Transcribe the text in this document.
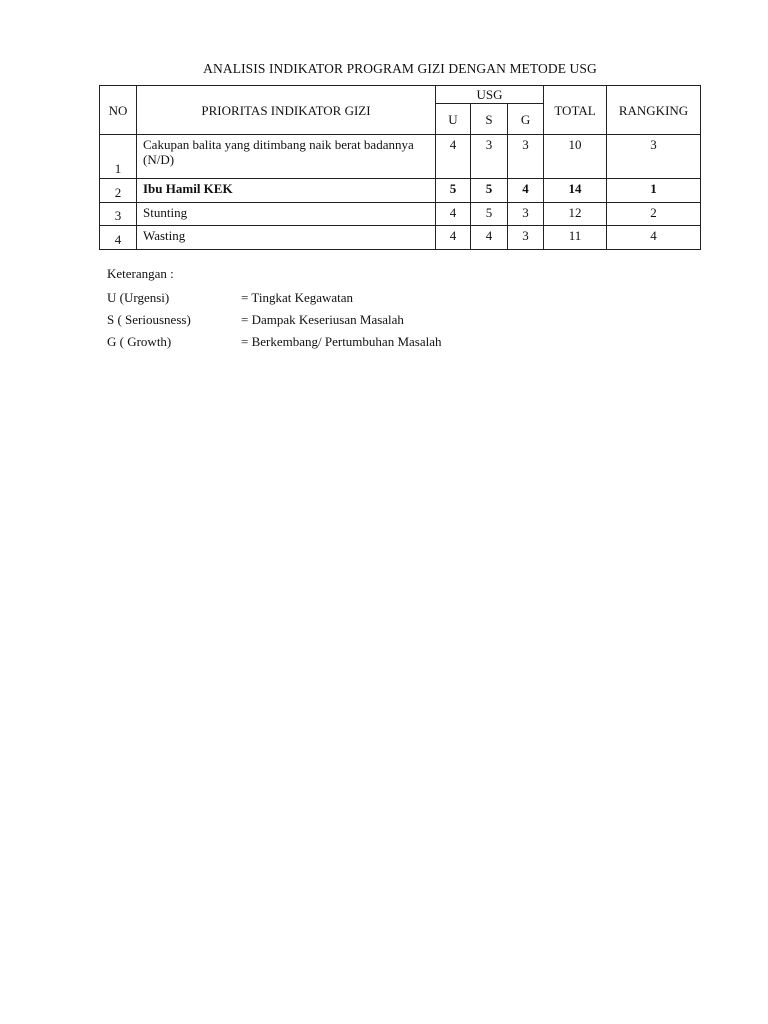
ANALISIS INDIKATOR PROGRAM GIZI DENGAN METODE USG
NO	PRIORITAS INDIKATOR GIZI	USG			TOTAL	RANGKING
		U	S	G		
1	Cakupan balita yang ditimbang naik berat badannya (N/D)	4	3	3	10	3
2	Ibu Hamil KEK	5	5	4	14	1
3	Stunting	4	5	3	12	2
4	Wasting	4	4	3	11	4
Keterangan :
U (Urgensi)	= Tingkat Kegawatan
S ( Seriousness)	= Dampak Keseriusan Masalah
G ( Growth)	= Berkembang/ Pertumbuhan Masalah
